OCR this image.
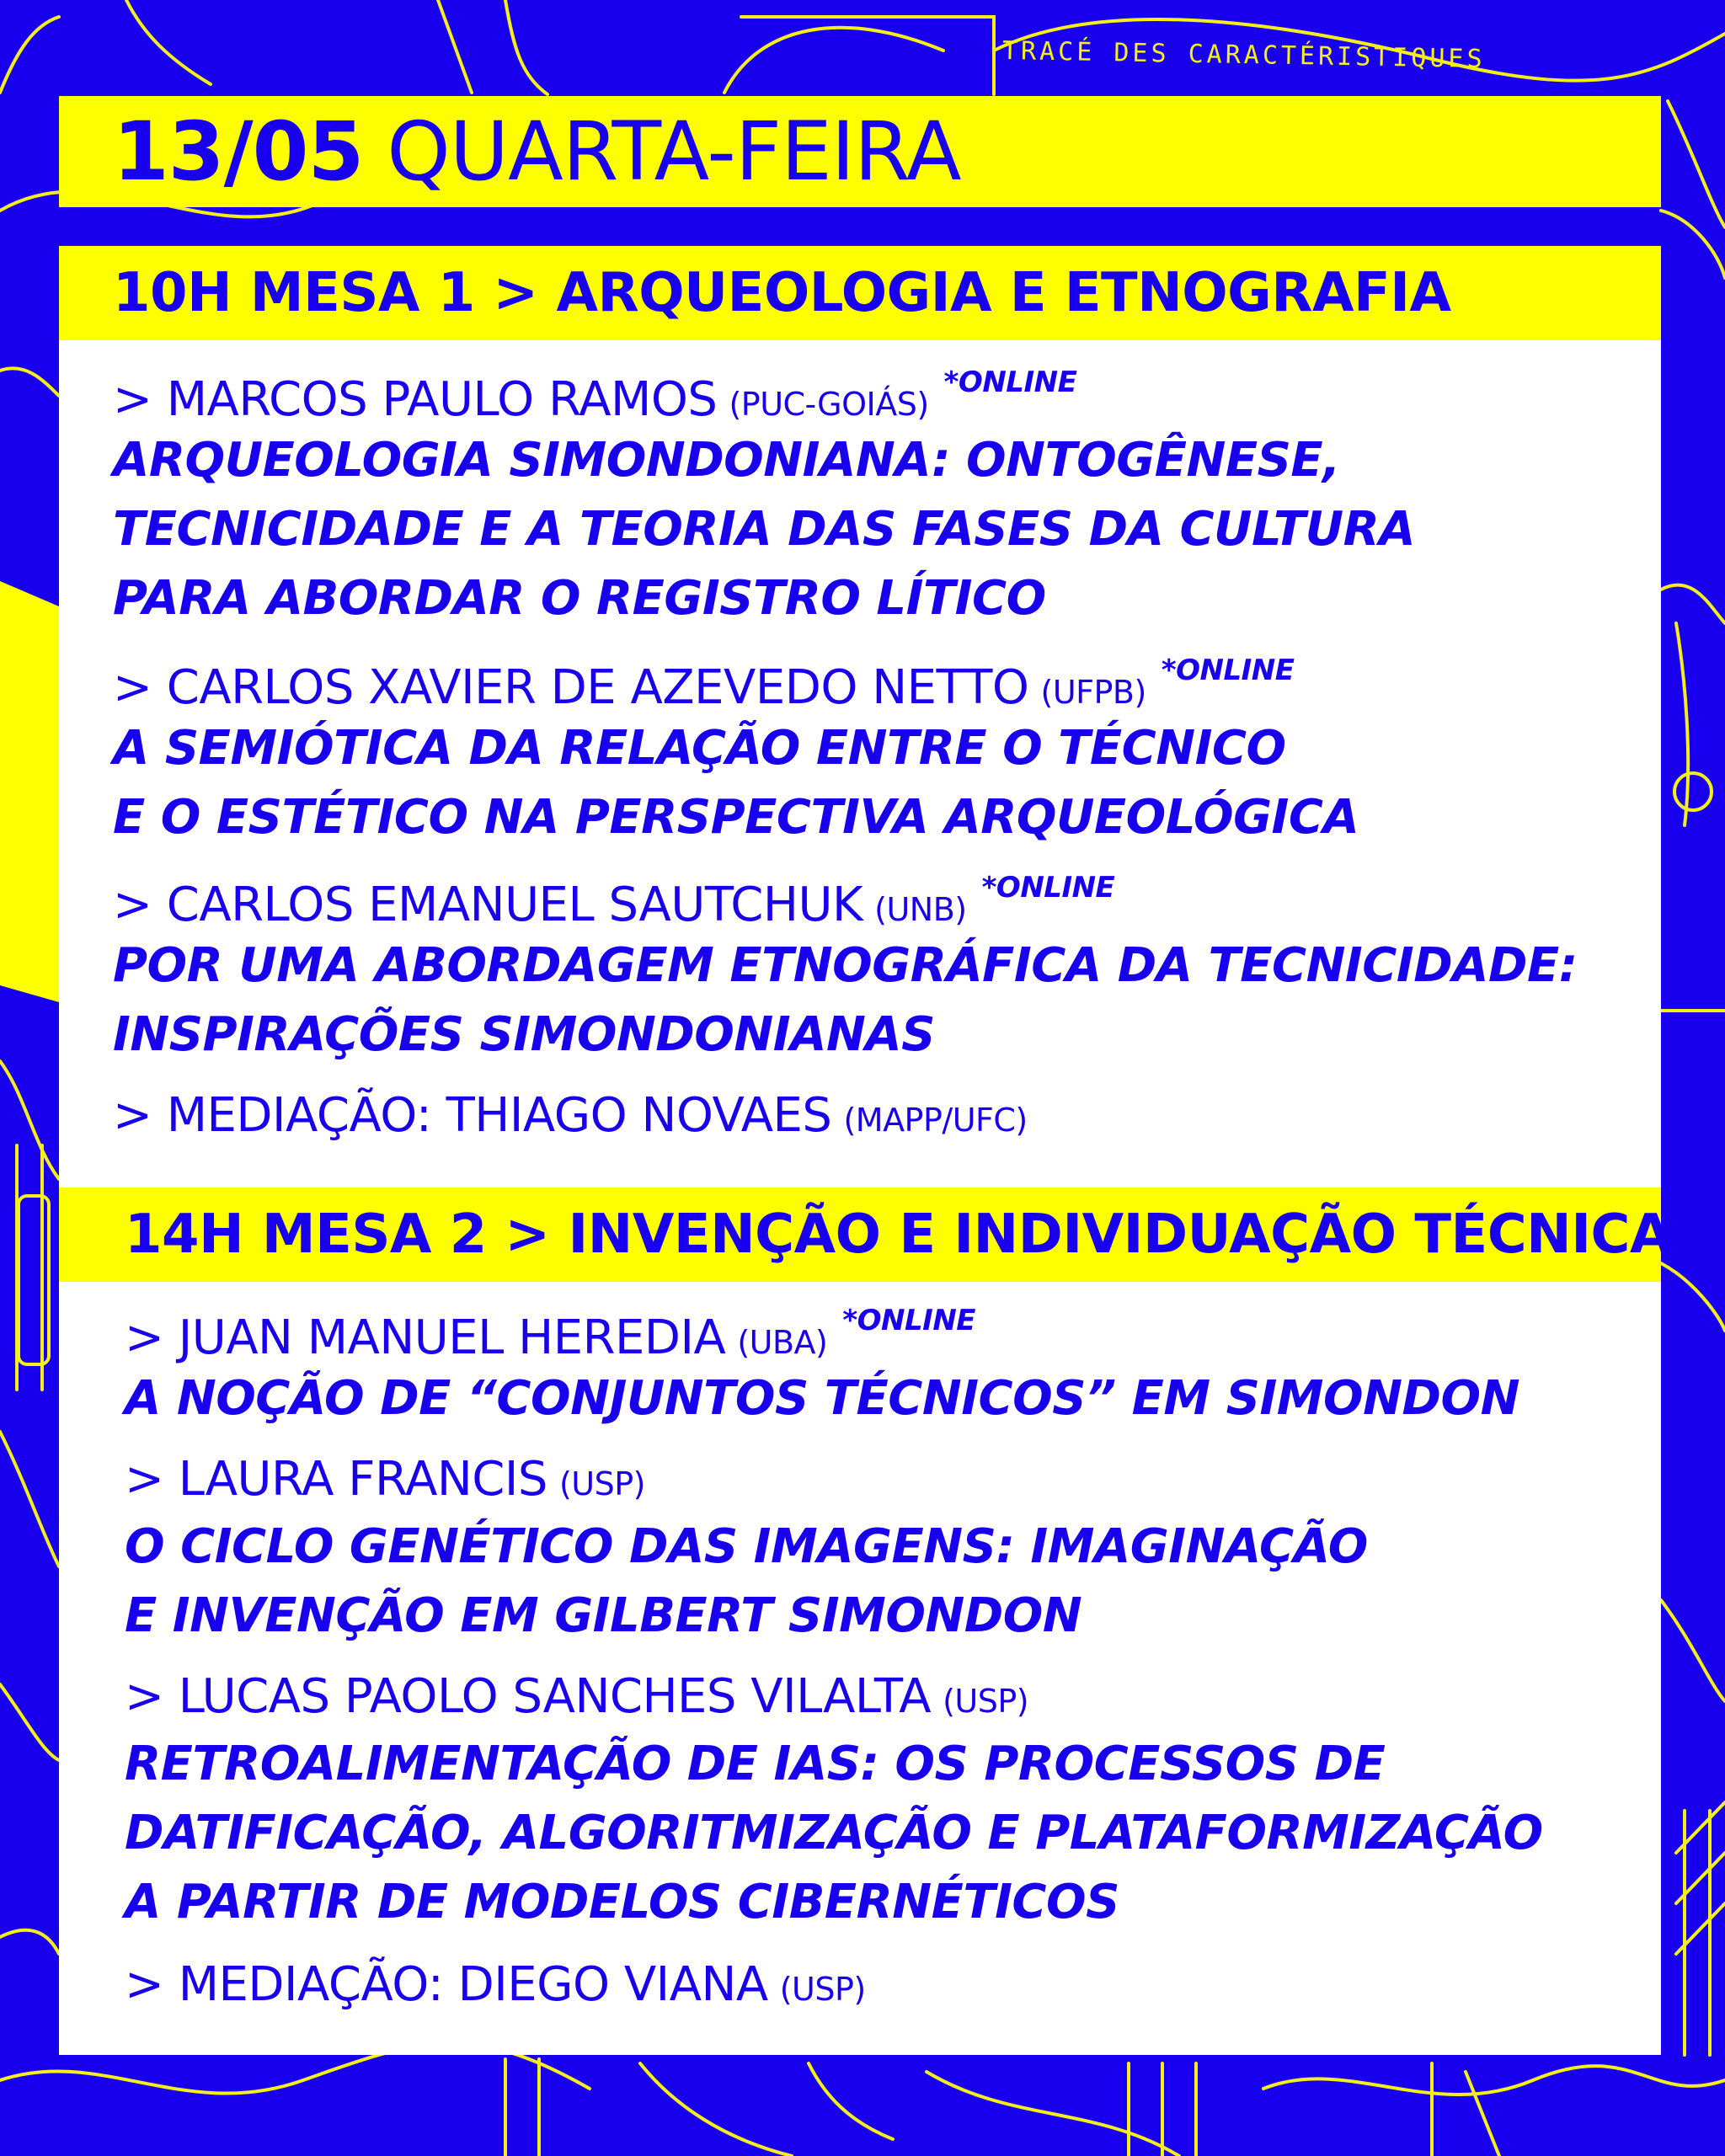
TRACÉ DES CARACTÉRISTIQUES
13/05 QUARTA-FEIRA
10H MESA 1 > ARQUEOLOGIA E ETNOGRAFIA
> MARCOS PAULO RAMOS (PUC-GOIÁS)$^{*ONLINE}$
ARQUEOLOGIA SIMONDONIANA: ONTOGÊNESE,
TECNICIDADE E A TEORIA DAS FASES DA CULTURA
PARA ABORDAR O REGISTRO LÍTICO
> CARLOS XAVIER DE AZEVEDO NETTO (UFPB)$^{*ONLINE}$
A SEMIÓTICA DA RELAÇÃO ENTRE O TÉCNICO
E O ESTÉTICO NA PERSPECTIVA ARQUEOLÓGICA
> CARLOS EMANUEL SAUTCHUK (UNB)$^{*ONLINE}$
POR UMA ABORDAGEM ETNOGRÁFICA DA TECNICIDADE:
INSPIRAÇÕES SIMONDONIANAS
> MEDIAÇÃO: THIAGO NOVAES (MAPP/UFC)
14H MESA 2 > INVENÇÃO E INDIVIDUAÇÃO TÉCNICA
> JUAN MANUEL HEREDIA (UBA)$^{*ONLINE}$
A NOÇÃO DE “CONJUNTOS TÉCNICOS” EM SIMONDON
> LAURA FRANCIS (USP)
O CICLO GENÉTICO DAS IMAGENS: IMAGINAÇÃO
E INVENÇÃO EM GILBERT SIMONDON
> LUCAS PAOLO SANCHES VILALTA (USP)
RETROALIMENTAÇÃO DE IAS: OS PROCESSOS DE
DATIFICAÇÃO, ALGORITMIZAÇÃO E PLATAFORMIZAÇÃO
A PARTIR DE MODELOS CIBERNÉTICOS
> MEDIAÇÃO: DIEGO VIANA (USP)
